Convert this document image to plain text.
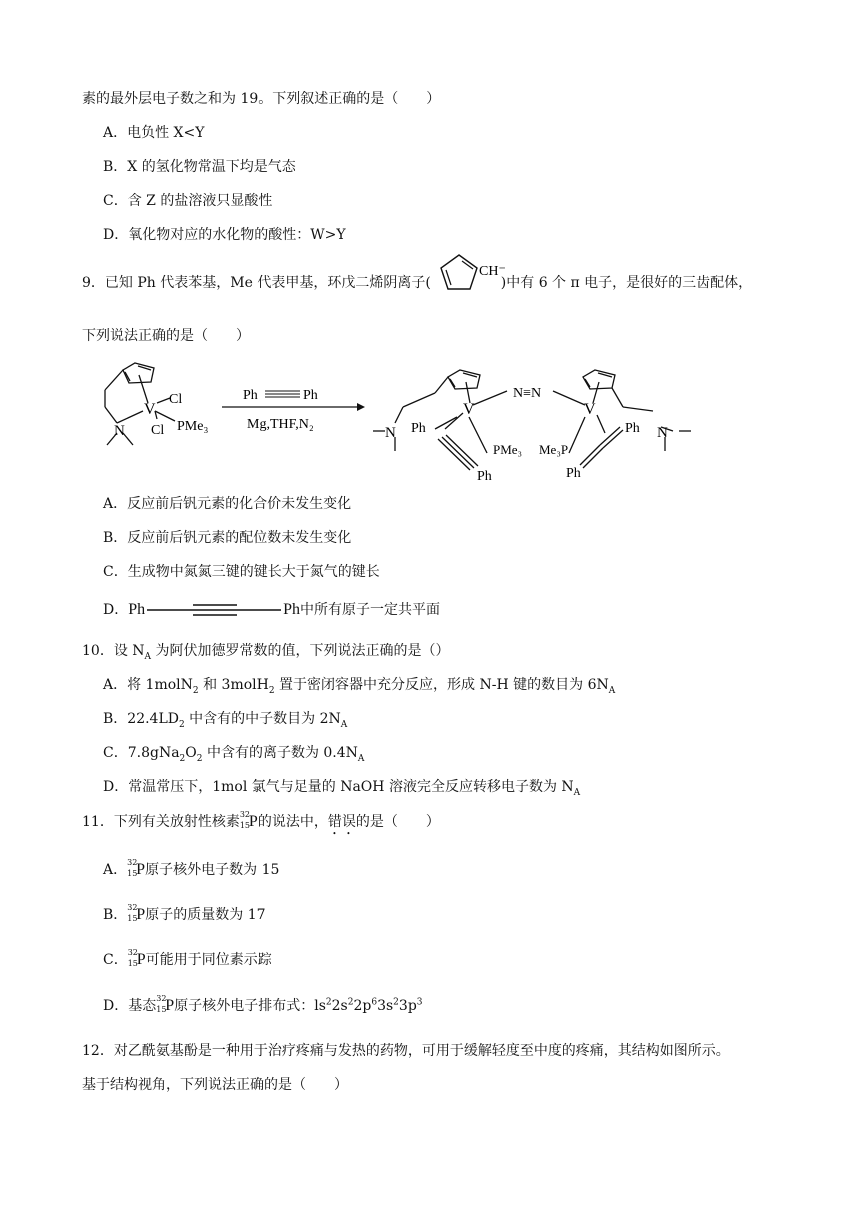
素的最外层电子数之和为 19。下列叙述正确的是（　　）
A．电负性 X<Y
B．X 的氢化物常温下均是气态
C．含 Z 的盐溶液只显酸性
D．氧化物对应的水化物的酸性：W>Y
9．已知 Ph 代表苯基，Me 代表甲基，环戊二烯阴离子(
CH⁻
)中有 6 个 π 电子，是很好的三齿配体，
下列说法正确的是（　　）
V
Cl
Cl PMe₃
N
Ph	Ph
Mg,THF,N₂
V
N≡N
V
Ph
Ph
PMe₃ Me₃P
Ph
Ph
N	N
A．反应前后钒元素的化合价未发生变化
B．反应前后钒元素的配位数未发生变化
C．生成物中氮氮三键的键长大于氮气的键长
D．Ph	Ph中所有原子一定共平面
10．设 $N_A$ 为阿伏加德罗常数的值，下列说法正确的是（）
A．将 1molN$_2$ 和 3molH$_2$ 置于密闭容器中充分反应，形成 N-H 键的数目为 $6N_A$
B．$22.4LD_2$ 中含有的中子数目为 $2N_A$
C．$7.8gNa_2O_2$ 中含有的离子数为 $0.4N_A$
D．常温常压下，1mol 氯气与足量的 NaOH 溶液完全反应转移电子数为 $N_A$
11．下列有关放射性核素 32
15
P 的说法中，错误的是（　　）
A． 32
15
P 原子核外电子数为 15
B． 32
15
P 原子的质量数为 17
C． 32
15
P 可能用于同位素示踪
D．基态 32
15
P 原子核外电子排布式：$ls^22s^22p^63s^23p^3$
12．对乙酰氨基酚是一种用于治疗疼痛与发热的药物，可用于缓解轻度至中度的疼痛，其结构如图所示。
基于结构视角，下列说法正确的是（　　）
